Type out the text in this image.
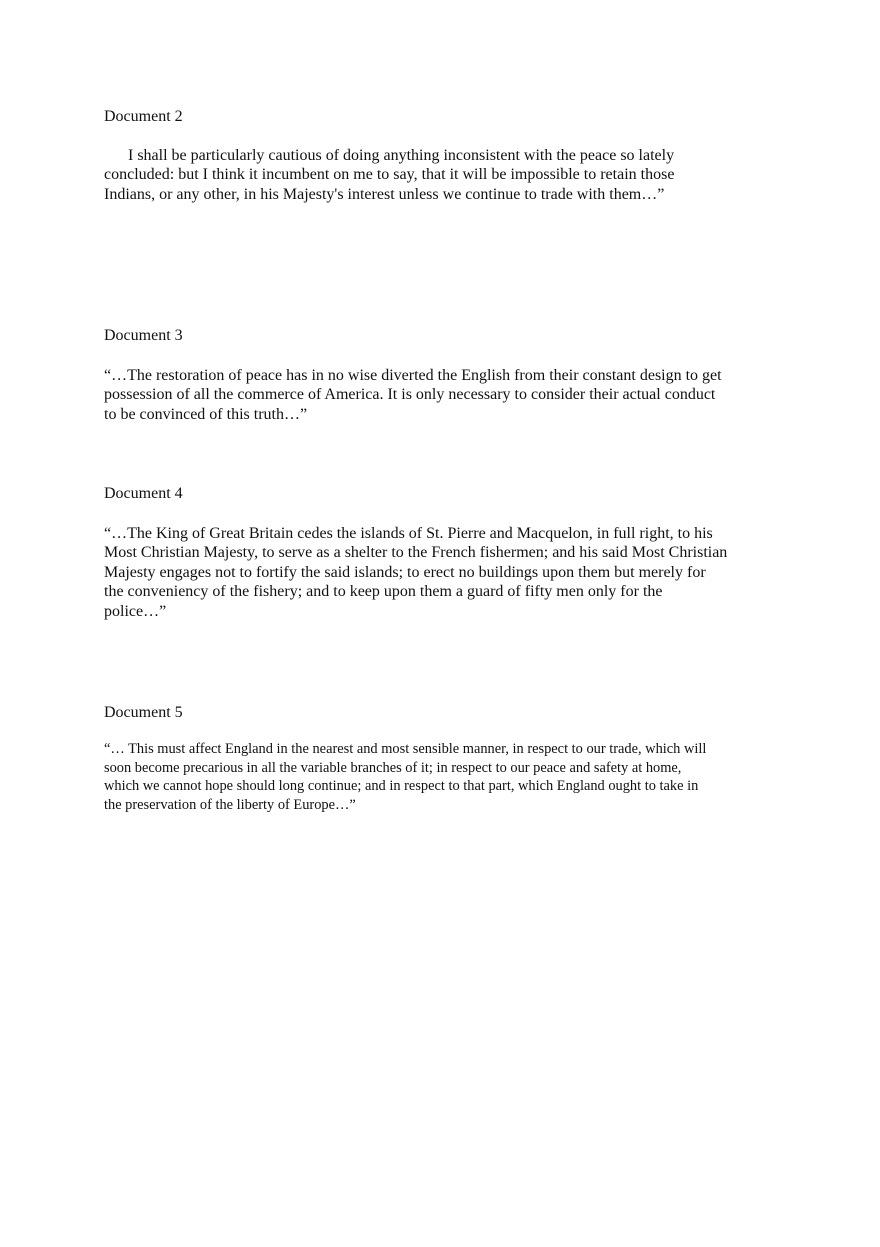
Document 2

I shall be particularly cautious of doing anything inconsistent with the peace so lately
concluded: but I think it incumbent on me to say, that it will be impossible to retain those
Indians, or any other, in his Majesty's interest unless we continue to trade with them…”

Document 3

“…The restoration of peace has in no wise diverted the English from their constant design to get
possession of all the commerce of America. It is only necessary to consider their actual conduct
to be convinced of this truth…”

Document 4

“…The King of Great Britain cedes the islands of St. Pierre and Macquelon, in full right, to his
Most Christian Majesty, to serve as a shelter to the French fishermen; and his said Most Christian
Majesty engages not to fortify the said islands; to erect no buildings upon them but merely for
the conveniency of the fishery; and to keep upon them a guard of fifty men only for the
police…”

Document 5

“… This must affect England in the nearest and most sensible manner, in respect to our trade, which will
soon become precarious in all the variable branches of it; in respect to our peace and safety at home,
which we cannot hope should long continue; and in respect to that part, which England ought to take in
the preservation of the liberty of Europe…”
